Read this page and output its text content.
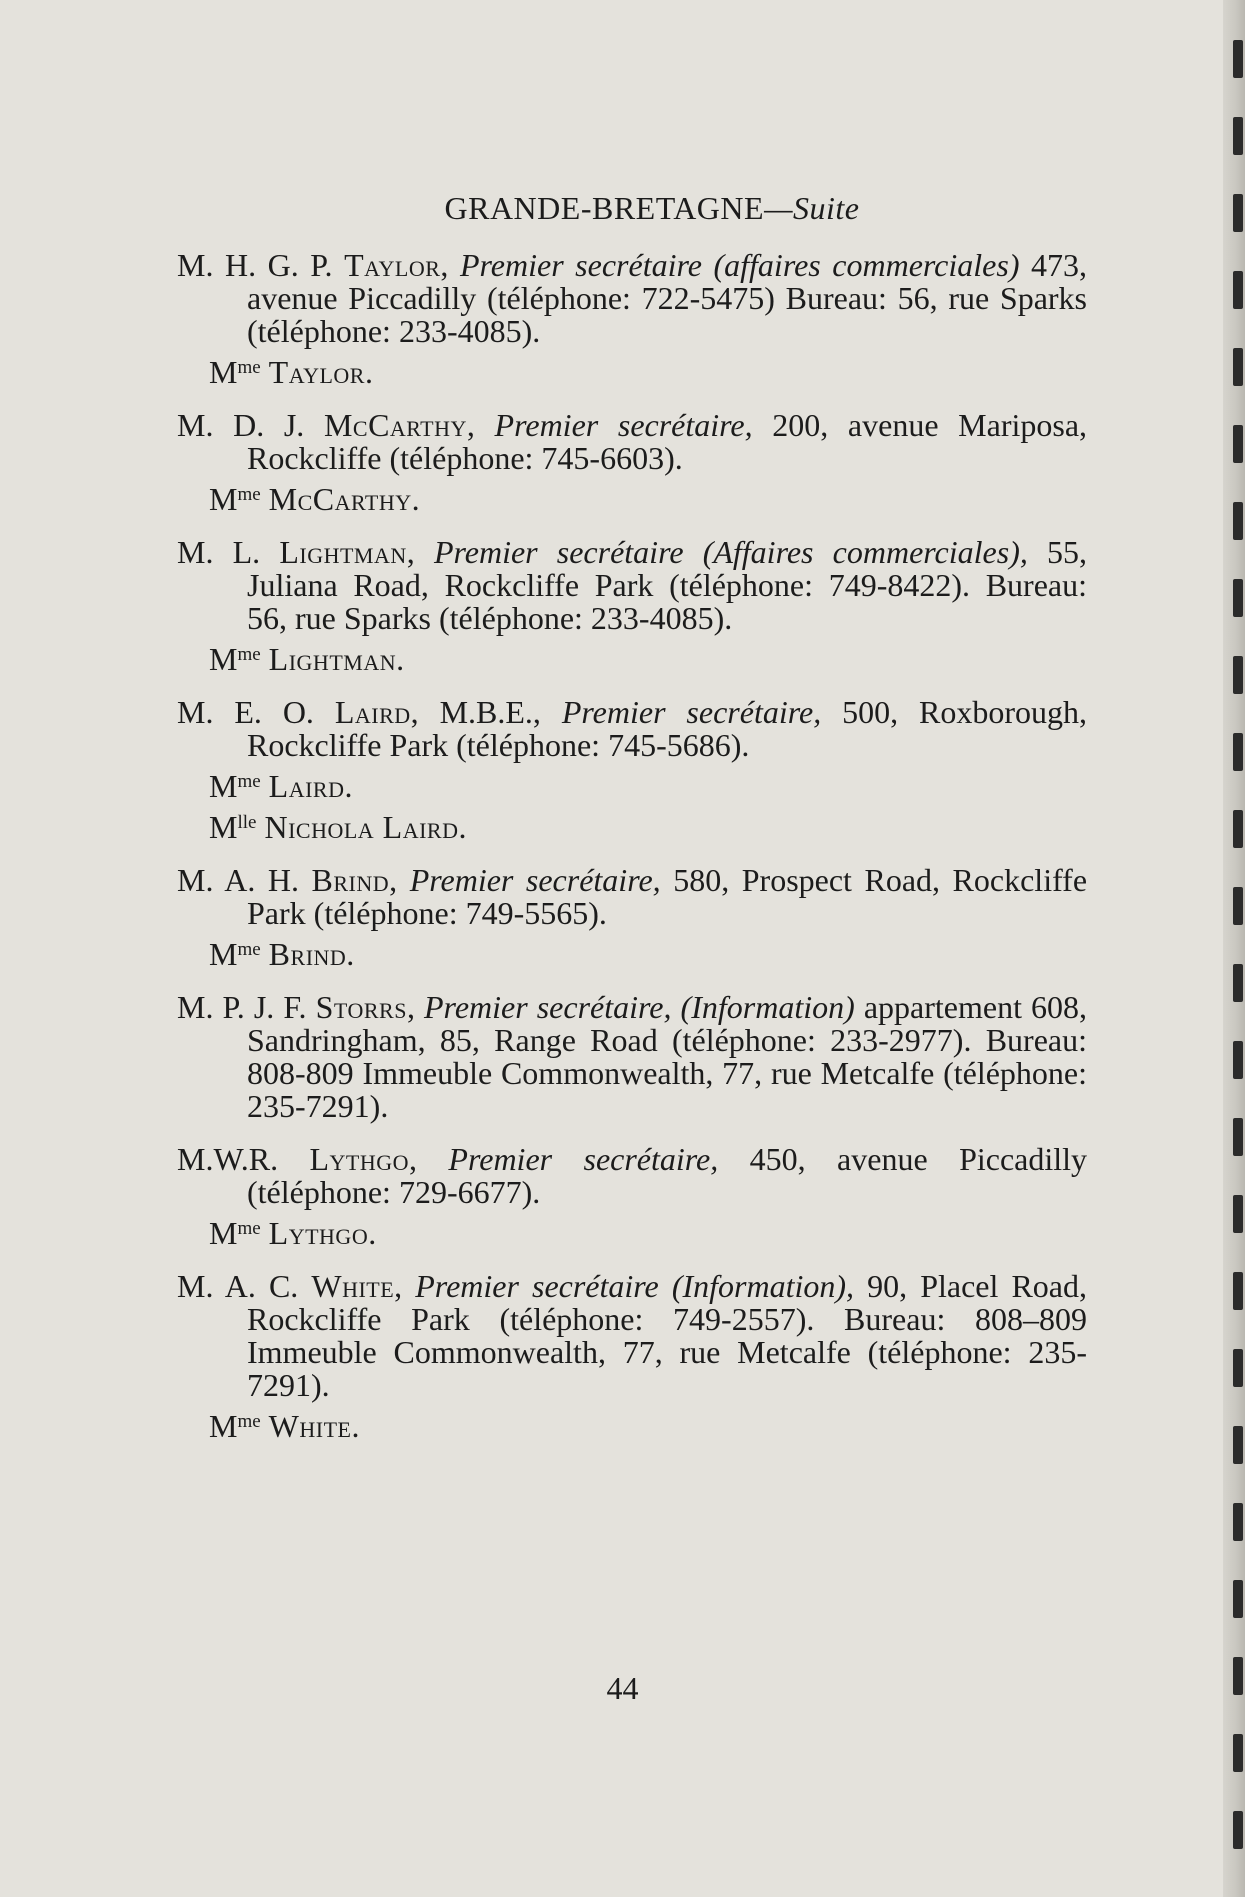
GRANDE-BRETAGNE—Suite

M. H. G. P. Taylor, Premier secrétaire (affaires commerciales) 473, avenue Piccadilly (téléphone: 722-5475) Bureau: 56, rue Sparks (téléphone: 233-4085).

$M^{me}$ Taylor.

M. D. J. McCarthy, Premier secrétaire, 200, avenue Mariposa, Rockcliffe (téléphone: 745-6603).

$M^{me}$ McCarthy.

M. L. Lightman, Premier secrétaire (Affaires commerciales), 55, Juliana Road, Rockcliffe Park (téléphone: 749-8422). Bureau: 56, rue Sparks (téléphone: 233-4085).

$M^{me}$ Lightman.

M. E. O. Laird, M.B.E., Premier secrétaire, 500, Roxborough, Rockcliffe Park (téléphone: 745-5686).

$M^{me}$ Laird.
$M^{lle}$ Nichola Laird.

M. A. H. Brind, Premier secrétaire, 580, Prospect Road, Rockcliffe Park (téléphone: 749-5565).

$M^{me}$ Brind.

M. P. J. F. Storrs, Premier secrétaire, (Information) appartement 608, Sandringham, 85, Range Road (téléphone: 233-2977). Bureau: 808-809 Immeuble Commonwealth, 77, rue Metcalfe (téléphone: 235-7291).

M.W.R. Lythgo, Premier secrétaire, 450, avenue Piccadilly (téléphone: 729-6677).

$M^{me}$ Lythgo.

M. A. C. White, Premier secrétaire (Information), 90, Placel Road, Rockcliffe Park (téléphone: 749-2557). Bureau: 808–809 Immeuble Commonwealth, 77, rue Metcalfe (téléphone: 235-7291).

$M^{me}$ White.
44
